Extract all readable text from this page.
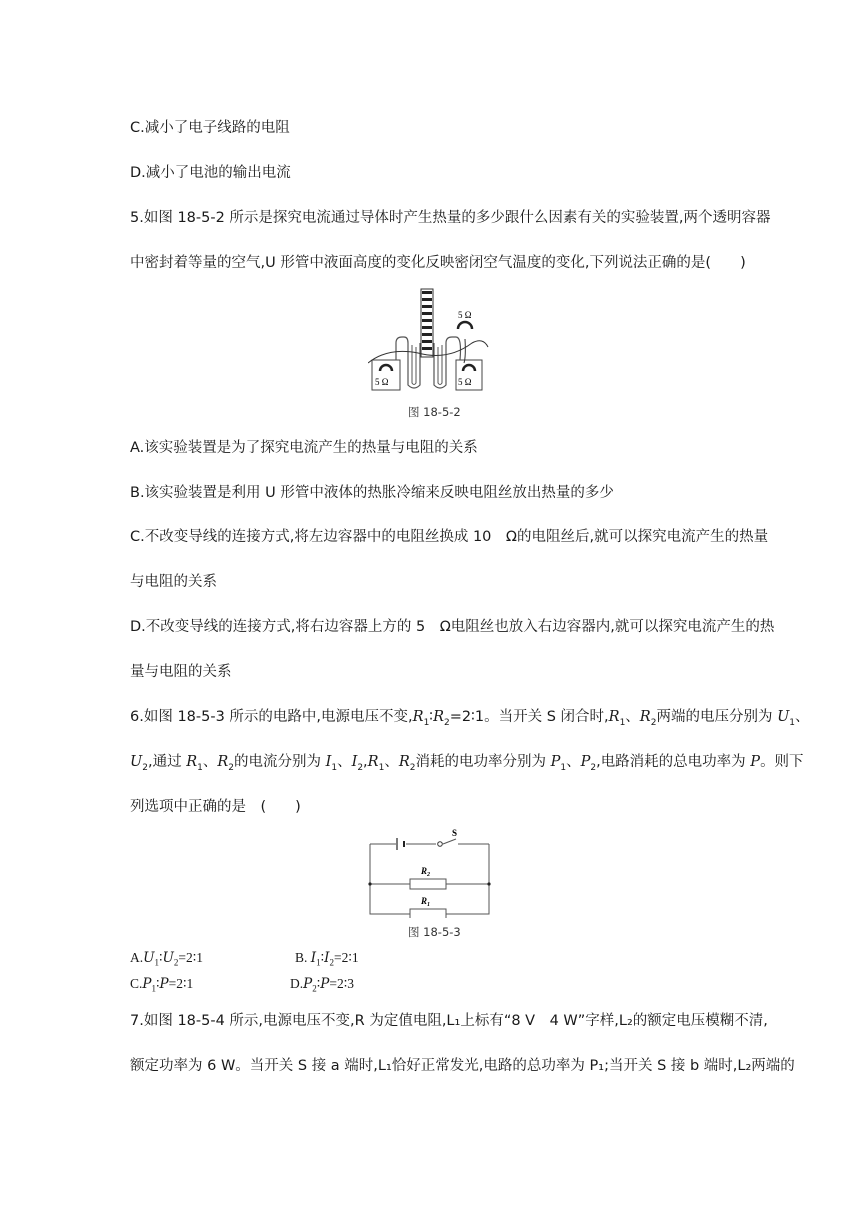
C.减小了电子线路的电阻
D.减小了电池的输出电流
5.如图 18-5-2 所示是探究电流通过导体时产生热量的多少跟什么因素有关的实验装置,两个透明容器
中密封着等量的空气,U 形管中液面高度的变化反映密闭空气温度的变化,下列说法正确的是(　　)
5 Ω	5 Ω
5 Ω
图 18-5-2
A.该实验装置是为了探究电流产生的热量与电阻的关系
B.该实验装置是利用 U 形管中液体的热胀冷缩来反映电阻丝放出热量的多少
C.不改变导线的连接方式,将左边容器中的电阻丝换成 10　Ω的电阻丝后,就可以探究电流产生的热量
与电阻的关系
D.不改变导线的连接方式,将右边容器上方的 5　Ω电阻丝也放入右边容器内,就可以探究电流产生的热
量与电阻的关系
6.如图 18-5-3 所示的电路中,电源电压不变$,R_1∶R_2=2∶1$。当开关 S 闭合时$,R_1$、$R_2$两端的电压分别为 $U_1$、
$U_2$,通过 $R_1$、$R_2$的电流分别为 $I_1$、$I_2,R_1$、$R_2$消耗的电功率分别为 $P_1$、$P_2$,电路消耗的总电功率为 P。则下
列选项中正确的是　(　　)
S
$R_2$
$R_1$
图 18-5-3
$A.U_1∶U_2=2∶1$	B. $I_1∶I_2=2∶1$
$C.P_1∶P=2∶1$	$D.P_2∶P=2∶3$
7.如图 18-5-4 所示,电源电压不变,R 为定值电阻,L₁上标有“8 V　4 W”字样,L₂的额定电压模糊不清,
额定功率为 6 W。当开关 S 接 a 端时,L₁恰好正常发光,电路的总功率为 P₁;当开关 S 接 b 端时,L₂两端的
